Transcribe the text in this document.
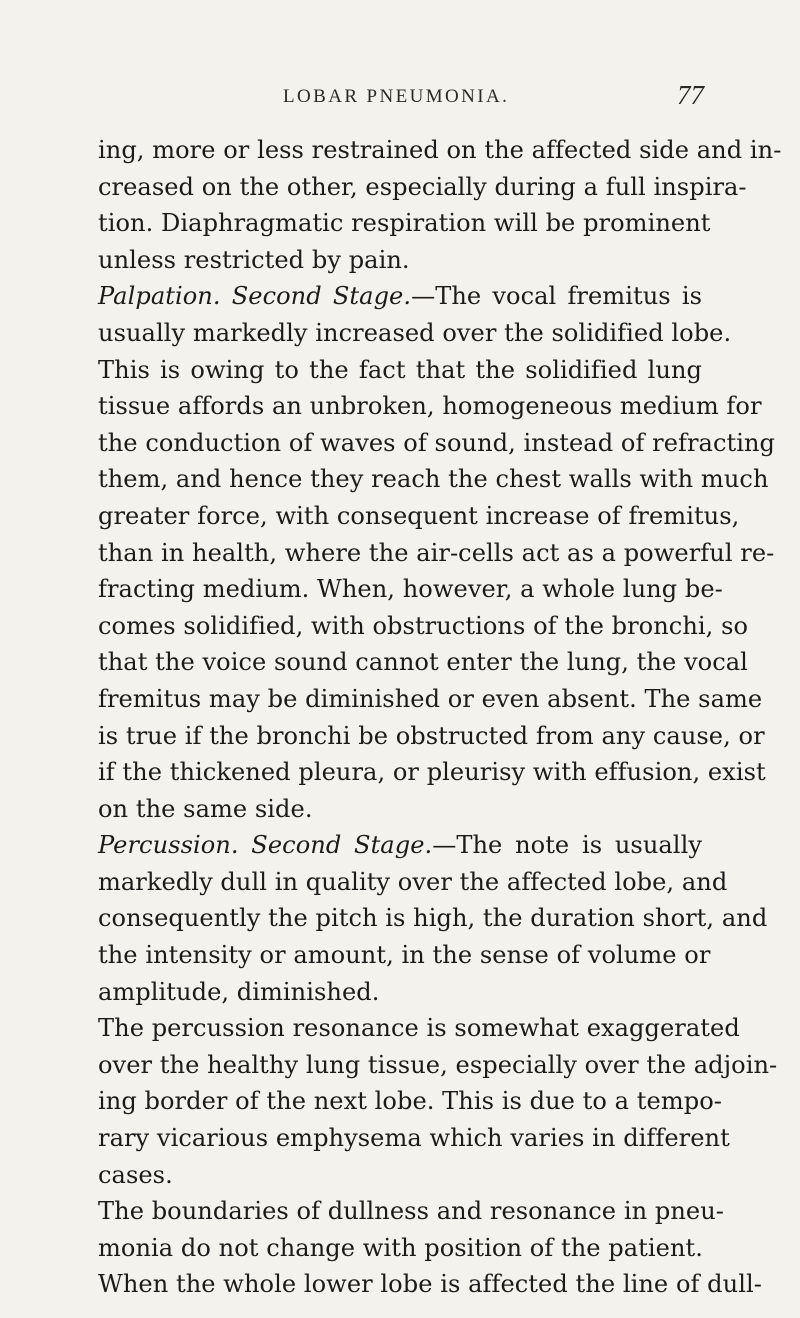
LOBAR PNEUMONIA.	77
ing, more or less restrained on the affected side and in-
creased on the other, especially during a full inspira-
tion. Diaphragmatic respiration will be prominent
unless restricted by pain.
Palpation. Second Stage.—The vocal fremitus is
usually markedly increased over the solidified lobe.
This is owing to the fact that the solidified lung
tissue affords an unbroken, homogeneous medium for
the conduction of waves of sound, instead of refracting
them, and hence they reach the chest walls with much
greater force, with consequent increase of fremitus,
than in health, where the air-cells act as a powerful re-
fracting medium. When, however, a whole lung be-
comes solidified, with obstructions of the bronchi, so
that the voice sound cannot enter the lung, the vocal
fremitus may be diminished or even absent. The same
is true if the bronchi be obstructed from any cause, or
if the thickened pleura, or pleurisy with effusion, exist
on the same side.
Percussion. Second Stage.—The note is usually
markedly dull in quality over the affected lobe, and
consequently the pitch is high, the duration short, and
the intensity or amount, in the sense of volume or
amplitude, diminished.
The percussion resonance is somewhat exaggerated
over the healthy lung tissue, especially over the adjoin-
ing border of the next lobe. This is due to a tempo-
rary vicarious emphysema which varies in different
cases.
The boundaries of dullness and resonance in pneu-
monia do not change with position of the patient.
When the whole lower lobe is affected the line of dull-
